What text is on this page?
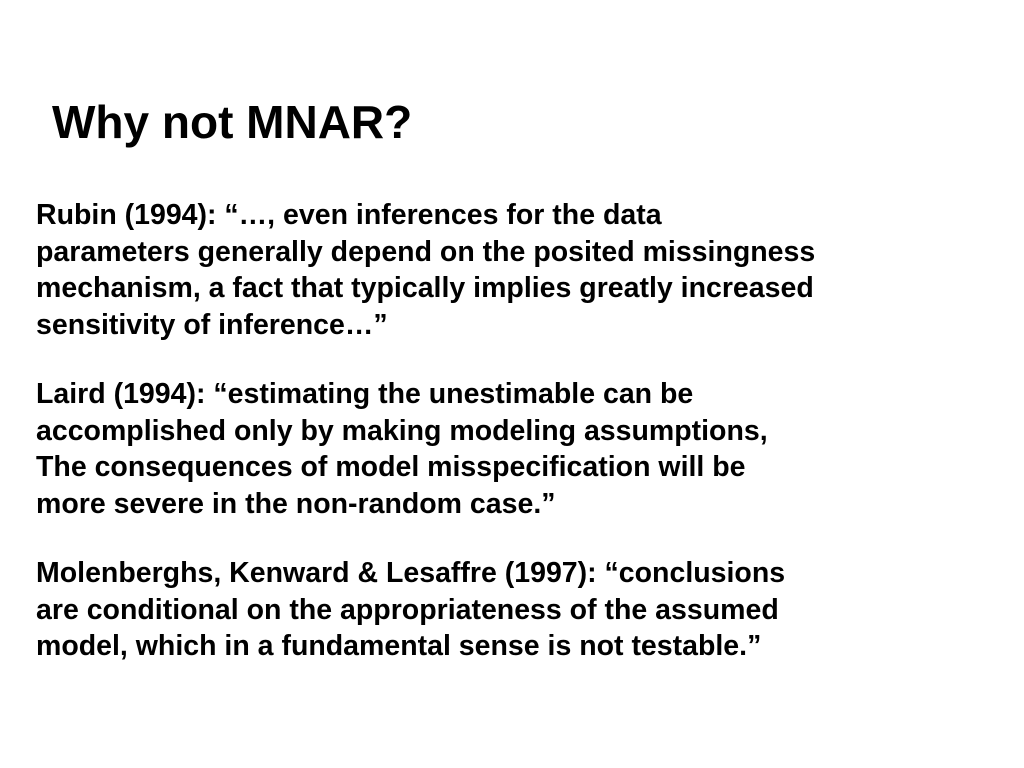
Why not MNAR?

Rubin (1994): “…, even inferences for the data
parameters generally depend on the posited missingness
mechanism, a fact that typically implies greatly increased
sensitivity of inference…”

Laird (1994): “estimating the unestimable can be
accomplished only by making modeling assumptions,
The consequences of model misspecification will be
more severe in the non-random case.”

Molenberghs, Kenward & Lesaffre (1997): “conclusions
are conditional on the appropriateness of the assumed
model, which in a fundamental sense is not testable.”
